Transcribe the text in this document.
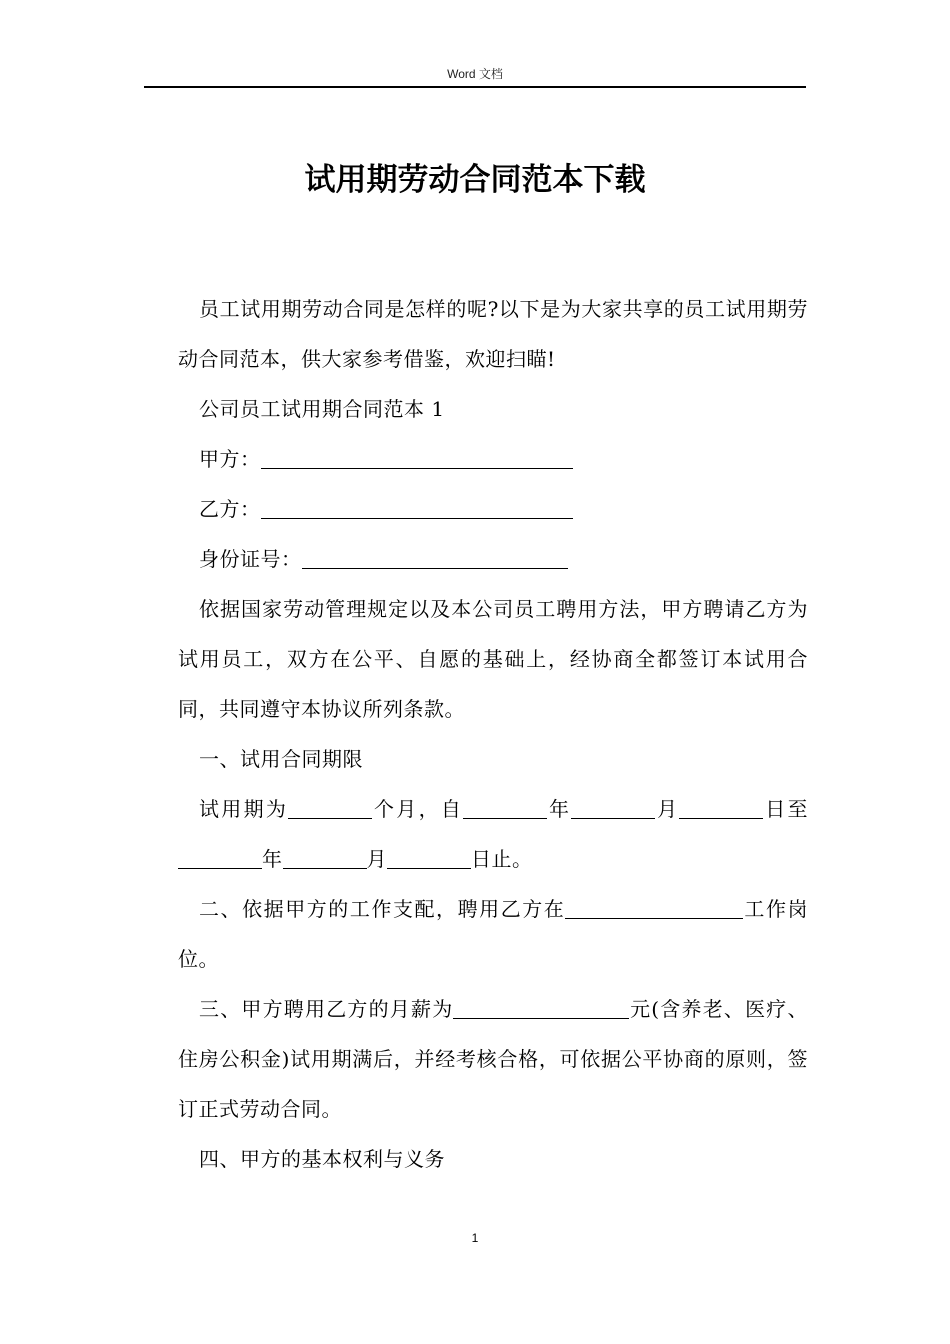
Word 文档
试用期劳动合同范本下载

员工试用期劳动合同是怎样的呢?以下是为大家共享的员工试用期劳动合同范本，供大家参考借鉴，欢迎扫瞄!

公司员工试用期合同范本 1

甲方：

乙方：

身份证号：

依据国家劳动管理规定以及本公司员工聘用方法，甲方聘请乙方为试用员工，双方在公平、自愿的基础上，经协商全都签订本试用合同，共同遵守本协议所列条款。

一、试用合同期限

试用期为	个月，自	年	月	日至年	月	日止。

二、依据甲方的工作支配，聘用乙方在	工作岗位。

三、甲方聘用乙方的月薪为	元(含养老、医疗、住房公积金)试用期满后，并经考核合格，可依据公平协商的原则，签订正式劳动合同。

四、甲方的基本权利与义务

1
